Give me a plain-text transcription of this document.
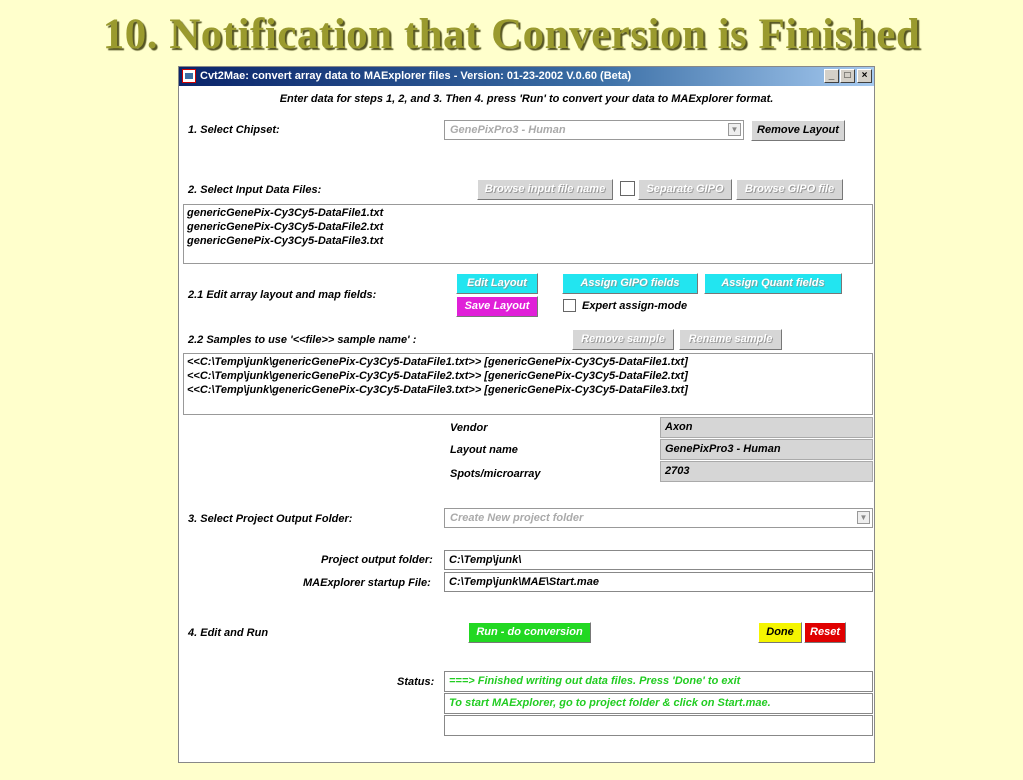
10. Notification that Conversion is Finished
Cvt2Mae: convert array data to MAExplorer files - Version: 01-23-2002 V.0.60 (Beta)	_	□	×
Enter data for steps 1, 2, and 3. Then 4. press 'Run' to convert your data to MAExplorer format.
1. Select Chipset:	GenePixPro3 - Human	▼	Remove Layout
2. Select Input Data Files:	Browse input file name	Separate GIPO	Browse GIPO file
genericGenePix-Cy3Cy5-DataFile1.txt
genericGenePix-Cy3Cy5-DataFile2.txt
genericGenePix-Cy3Cy5-DataFile3.txt
2.1 Edit array layout and map fields:
Edit Layout
Save Layout
Assign GIPO fields	Assign Quant fields
Expert assign-mode
2.2 Samples to use '<<file>> sample name' :	Remove sample	Rename sample
<<C:\Temp\junk\genericGenePix-Cy3Cy5-DataFile1.txt>> [genericGenePix-Cy3Cy5-DataFile1.txt]
<<C:\Temp\junk\genericGenePix-Cy3Cy5-DataFile2.txt>> [genericGenePix-Cy3Cy5-DataFile2.txt]
<<C:\Temp\junk\genericGenePix-Cy3Cy5-DataFile3.txt>> [genericGenePix-Cy3Cy5-DataFile3.txt]
Vendor	Axon
Layout name	GenePixPro3 - Human
Spots/microarray	2703
3. Select Project Output Folder:	Create New project folder	▼
Project output folder:	C:\Temp\junk\
MAExplorer startup File:	C:\Temp\junk\MAE\Start.mae
4. Edit and Run	Run - do conversion	Done	Reset
Status:	===> Finished writing out data files. Press 'Done' to exit
To start MAExplorer, go to project folder & click on Start.mae.
